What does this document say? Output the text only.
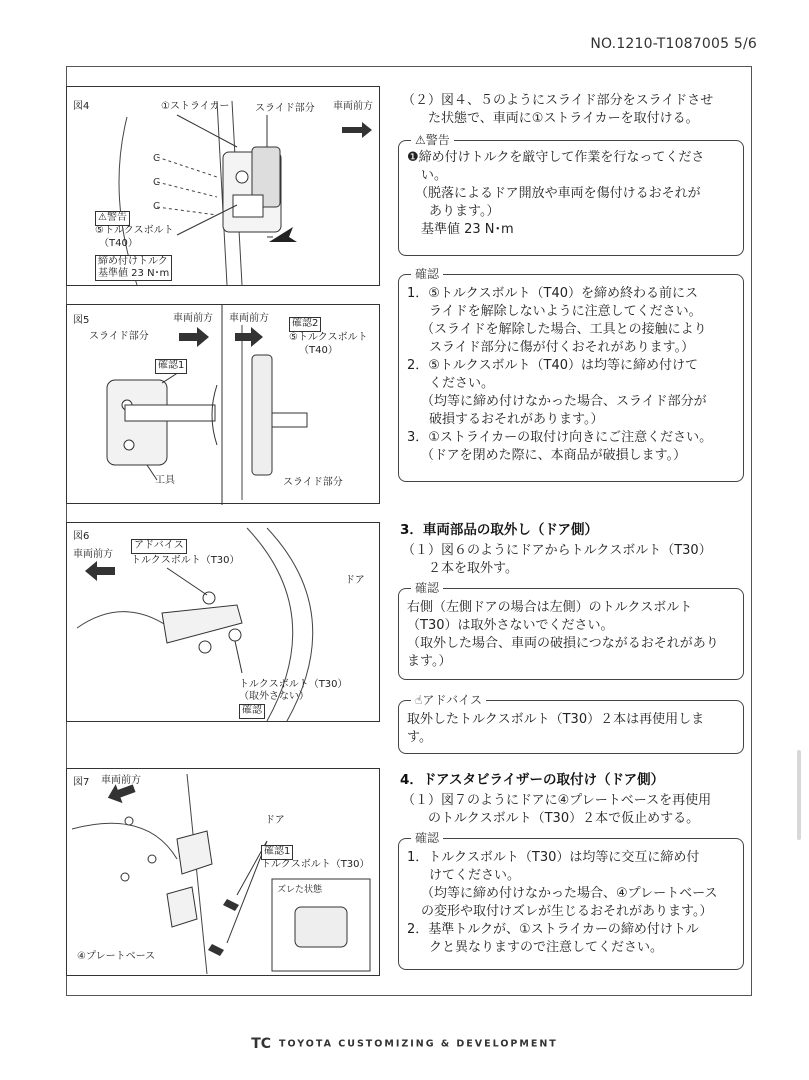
NO.1210-T1087005 5/6
C
C
C
図4	①ストライカー	スライド部分 車両前方
⚠警告
⑤トルクスボルト
（T40）
締め付けトルク
基準値 23 N･m
図5
スライド部分
車両前方 車両前方
確認1
確認2
⑤トルクスボルト
（T40）
工具	スライド部分
図6
アドバイス
車両前方
トルクスボルト（T30）
ドア
トルクスボルト（T30）
（取外さない）
確認
図7 車両前方
ドア
確認1
トルクスボルト（T30）
ズレた状態
④プレートベース
（２）図４、５のようにスライド部分をスライドさせ
た状態で、車両に①ストライカーを取付ける。
⚠警告
❶締め付けトルクを厳守して作業を行なってくださ
い。
（脱落によるドア開放や車両を傷付けるおそれが
あります。）
基準値 23 N･m
確認
1．⑤トルクスボルト（T40）を締め終わる前にス
ライドを解除しないように注意してください。
（スライドを解除した場合、工具との接触により
スライド部分に傷が付くおそれがあります。）
2．⑤トルクスボルト（T40）は均等に締め付けて
ください。
（均等に締め付けなかった場合、スライド部分が
破損するおそれがあります。）
3．①ストライカーの取付け向きにご注意ください。
（ドアを閉めた際に、本商品が破損します。）
3．車両部品の取外し（ドア側）
（１）図６のようにドアからトルクスボルト（T30）
２本を取外す。
確認
右側（左側ドアの場合は左側）のトルクスボルト
（T30）は取外さないでください。
（取外した場合、車両の破損につながるおそれがあり
ます。）
☝アドバイス
取外したトルクスボルト（T30）２本は再使用しま
す。
4．ドアスタビライザーの取付け（ドア側）
（１）図７のようにドアに④プレートベースを再使用
のトルクスボルト（T30）２本で仮止めする。
確認
1．トルクスボルト（T30）は均等に交互に締め付
けてください。
（均等に締め付けなかった場合、④プレートベース
の変形や取付けズレが生じるおそれがあります。）
2．基準トルクが、①ストライカーの締め付けトル
クと異なりますので注意してください。
TC TOYOTA CUSTOMIZING & DEVELOPMENT
